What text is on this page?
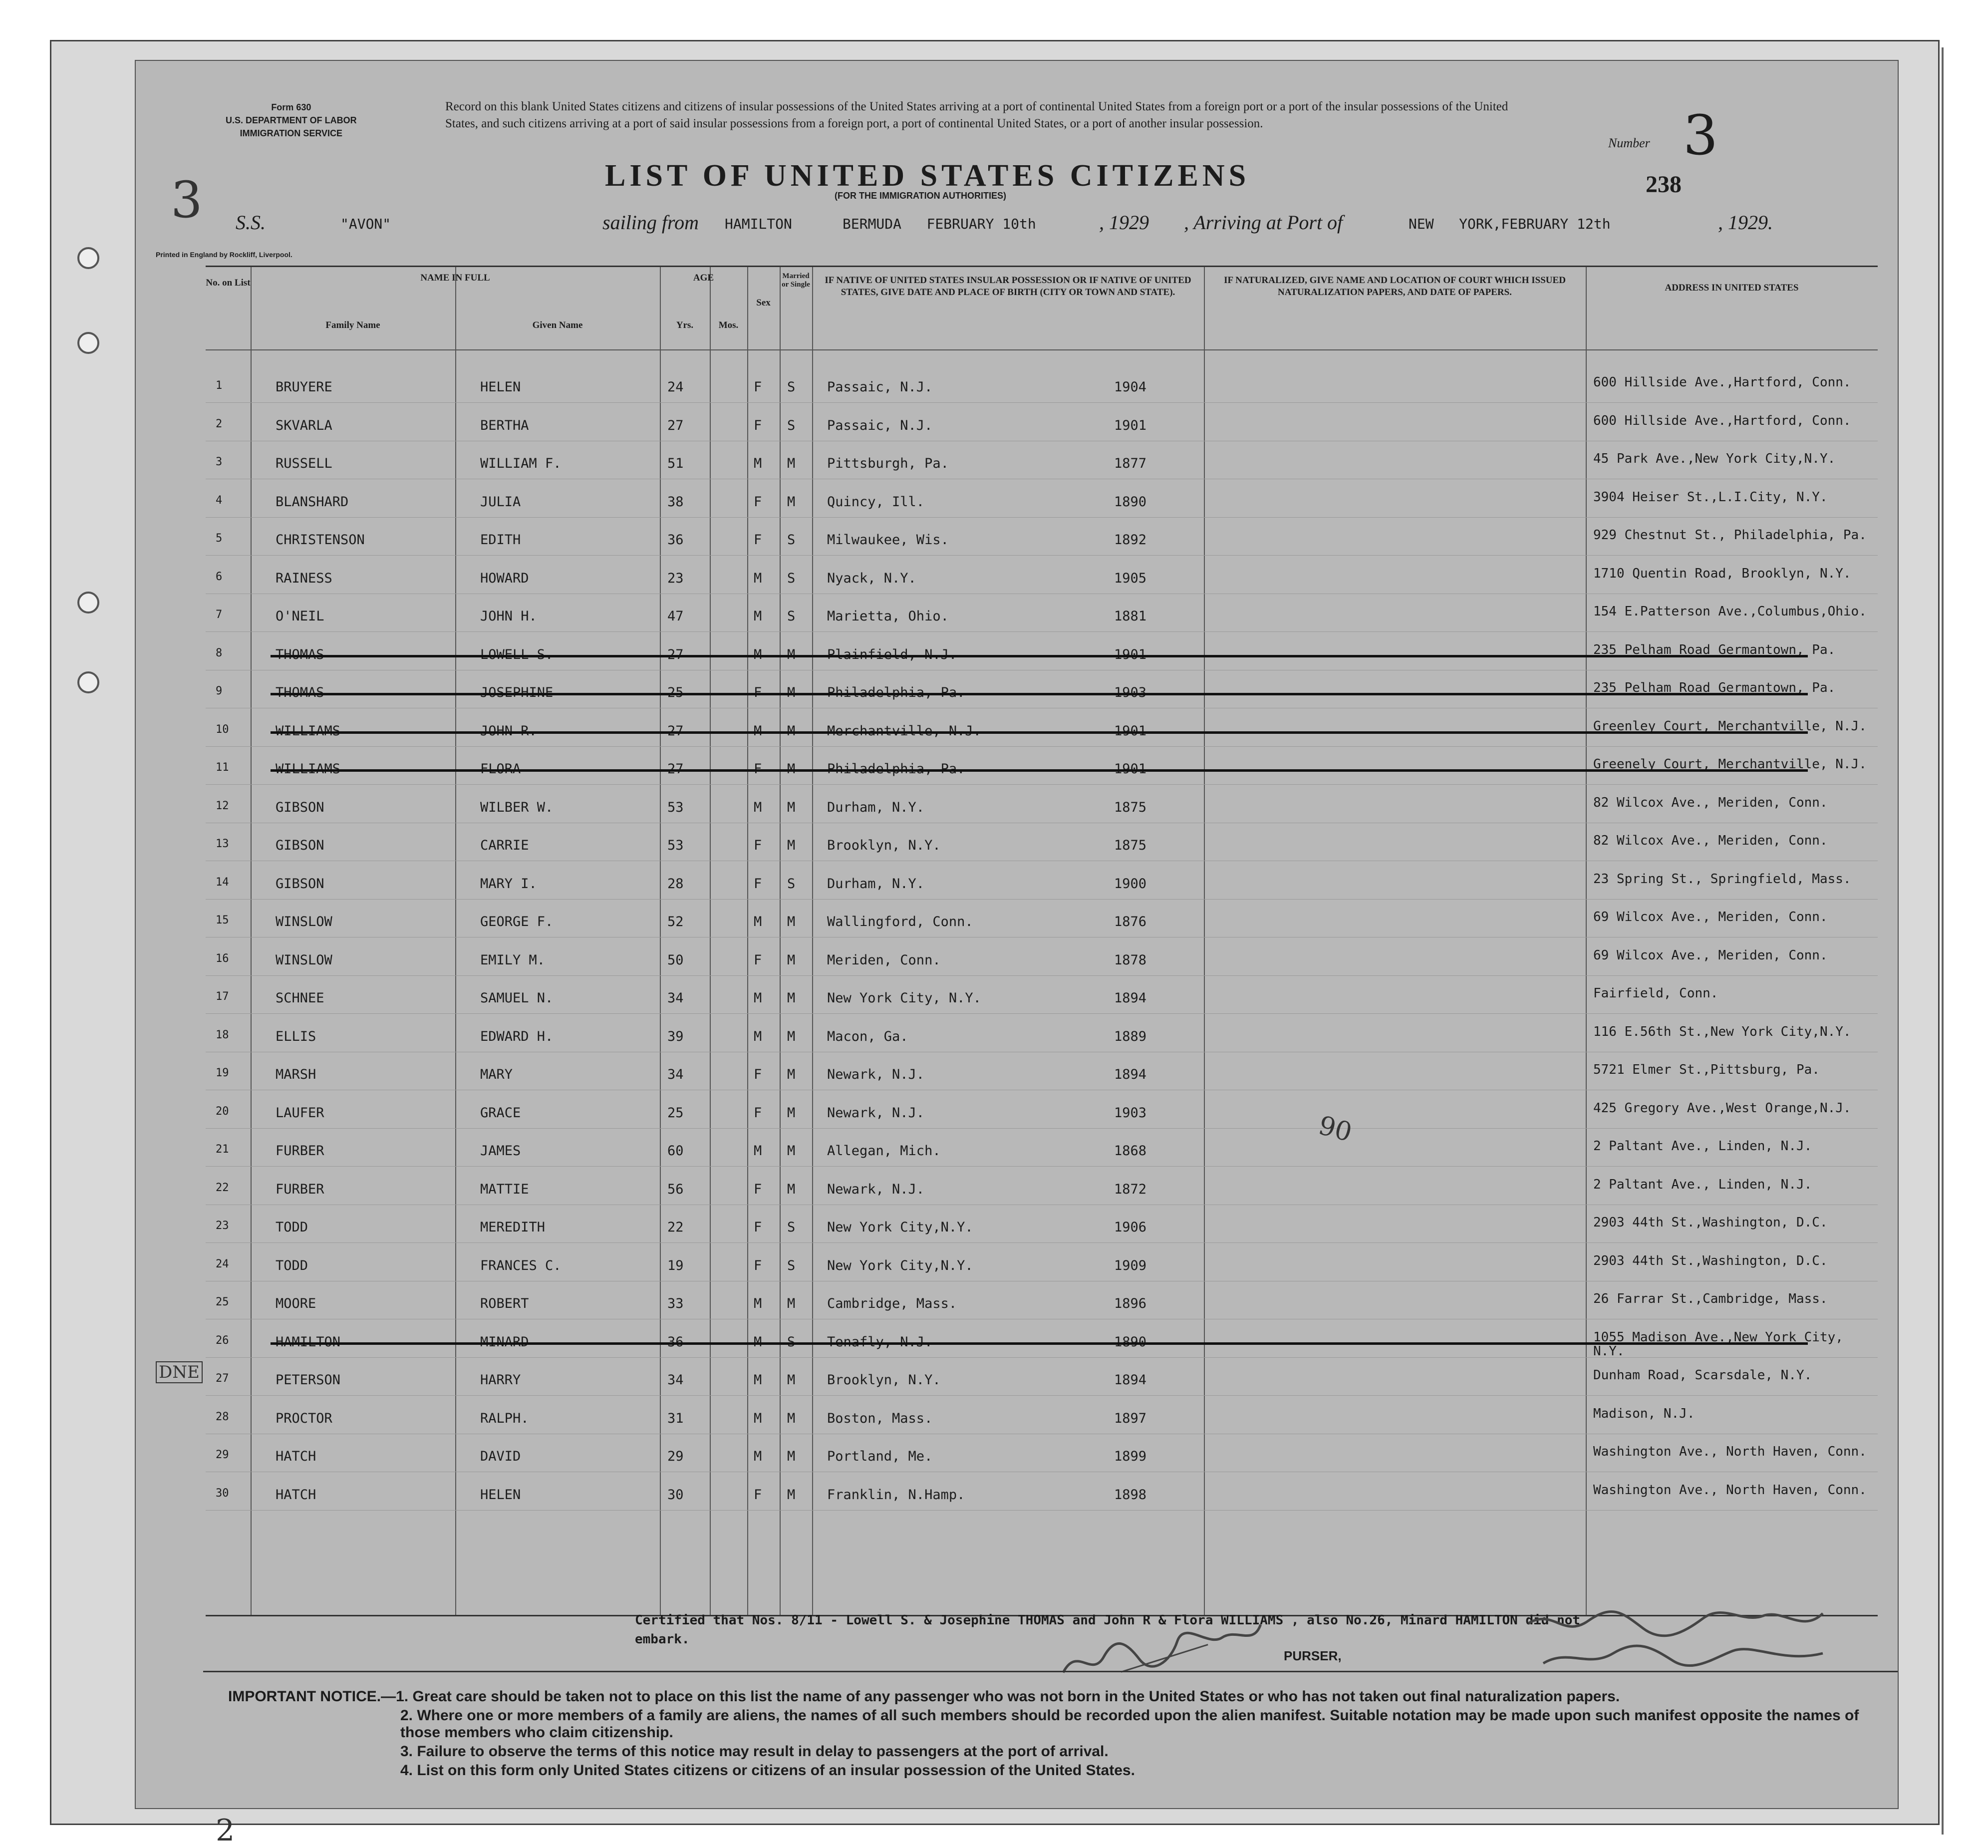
Form 630
U.S. DEPARTMENT OF LABOR
IMMIGRATION SERVICE
Record on this blank United States citizens and citizens of insular possessions of the United States arriving at a port of continental United States from a foreign port or a port of the insular possessions of the United States, and such citizens arriving at a port of said insular possessions from a foreign port, a port of continental United States, or a port of another insular possession.
Number 3
LIST OF UNITED STATES CITIZENS
(FOR THE IMMIGRATION AUTHORITIES)	238
3 S.S.	"AVON"	sailing from HAMILTON      BERMUDA   FEBRUARY 10th	, 1929 , Arriving at Port of	NEW   YORK,FEBRUARY 12th	, 1929.
Printed in England by Rockliff, Liverpool.
No. on List	NAME IN FULL
Family Name	Given Name
AGE
Yrs.	Mos.
Sex
Married or Single	IF NATIVE OF UNITED STATES INSULAR POSSESSION OR IF NATIVE OF UNITED STATES, GIVE DATE AND PLACE OF BIRTH (CITY OR TOWN AND STATE).
IF NATURALIZED, GIVE NAME AND LOCATION OF COURT WHICH ISSUED NATURALIZATION PAPERS, AND DATE OF PAPERS.	ADDRESS IN UNITED STATES
1	BRUYERE	HELEN	24	F S Passaic, N.J.	1904	600 Hillside Ave.,Hartford, Conn.
2	SKVARLA	BERTHA	27	F S Passaic, N.J.	1901	600 Hillside Ave.,Hartford, Conn.
3	RUSSELL	WILLIAM F.	51	M M Pittsburgh, Pa.	1877	45 Park Ave.,New York City,N.Y.
4	BLANSHARD	JULIA	38	F M Quincy, Ill.	1890	3904 Heiser St.,L.I.City, N.Y.
5	CHRISTENSON	EDITH	36	F S Milwaukee, Wis.	1892	929 Chestnut St., Philadelphia, Pa.
6	RAINESS	HOWARD	23	M S Nyack, N.Y.	1905	1710 Quentin Road, Brooklyn, N.Y.
7	O'NEIL	JOHN H.	47	M S Marietta, Ohio.	1881	154 E.Patterson Ave.,Columbus,Ohio.
8	THOMAS	LOWELL S.	27	M M Plainfield, N.J.	1901	235 Pelham Road Germantown, Pa.
9	THOMAS	JOSEPHINE	25	F M Philadelphia, Pa.	1903	235 Pelham Road Germantown, Pa.
10	WILLIAMS	JOHN R.	27	M M Merchantville, N.J.	1901	Greenley Court, Merchantville, N.J.
11	WILLIAMS	FLORA	27	F M Philadelphia, Pa.	1901	Greenely Court, Merchantville, N.J.
12	GIBSON	WILBER W.	53	M M Durham, N.Y.	1875	82 Wilcox Ave., Meriden, Conn.
13	GIBSON	CARRIE	53	F M Brooklyn, N.Y.	1875	82 Wilcox Ave., Meriden, Conn.
14	GIBSON	MARY I.	28	F S Durham, N.Y.	1900	23 Spring St., Springfield, Mass.
15	WINSLOW	GEORGE F.	52	M M Wallingford, Conn.	1876	69 Wilcox Ave., Meriden, Conn.
16	WINSLOW	EMILY M.	50	F M Meriden, Conn.	1878	69 Wilcox Ave., Meriden, Conn.
17	SCHNEE	SAMUEL N.	34	M M New York City, N.Y.	1894	Fairfield, Conn.
18	ELLIS	EDWARD H.	39	M M Macon, Ga.	1889	116 E.56th St.,New York City,N.Y.
19	MARSH	MARY	34	F M Newark, N.J.	1894	5721 Elmer St.,Pittsburg, Pa.
20	LAUFER	GRACE	25	F M Newark, N.J.	1903	425 Gregory Ave.,West Orange,N.J.
21	FURBER	JAMES	60	M M Allegan, Mich.	1868	2 Paltant Ave., Linden, N.J.
22	FURBER	MATTIE	56	F M Newark, N.J.	1872	2 Paltant Ave., Linden, N.J.
23	TODD	MEREDITH	22	F S New York City,N.Y.	1906	2903 44th St.,Washington, D.C.
24	TODD	FRANCES C.	19	F S New York City,N.Y.	1909	2903 44th St.,Washington, D.C.
25	MOORE	ROBERT	33	M M Cambridge, Mass.	1896	26 Farrar St.,Cambridge, Mass.
26	HAMILTON	MINARD	36	M S Tenafly, N.J.	1890	1055 Madison Ave.,New York City, N.Y.
27	PETERSON	HARRY	34	M M Brooklyn, N.Y.	1894	Dunham Road, Scarsdale, N.Y.
28	PROCTOR	RALPH.	31	M M Boston, Mass.	1897	Madison, N.J.
29	HATCH	DAVID	29	M M Portland, Me.	1899	Washington Ave., North Haven, Conn.
30	HATCH	HELEN	30	F M Franklin, N.Hamp.	1898	Washington Ave., North Haven, Conn.
DNE
90
Certified that Nos. 8/11 - Lowell S. & Josephine THOMAS and John R & Flora WILLIAMS , also No.26, Minard HAMILTON did not embark.
PURSER,
2
IMPORTANT NOTICE.—1. Great care should be taken not to place on this list the name of any passenger who was not born in the United States or who has not taken out final naturalization papers.
2. Where one or more members of a family are aliens, the names of all such members should be recorded upon the alien manifest. Suitable notation may be made upon such manifest opposite the names of those members who claim citizenship.
3. Failure to observe the terms of this notice may result in delay to passengers at the port of arrival.
4. List on this form only United States citizens or citizens of an insular possession of the United States.
